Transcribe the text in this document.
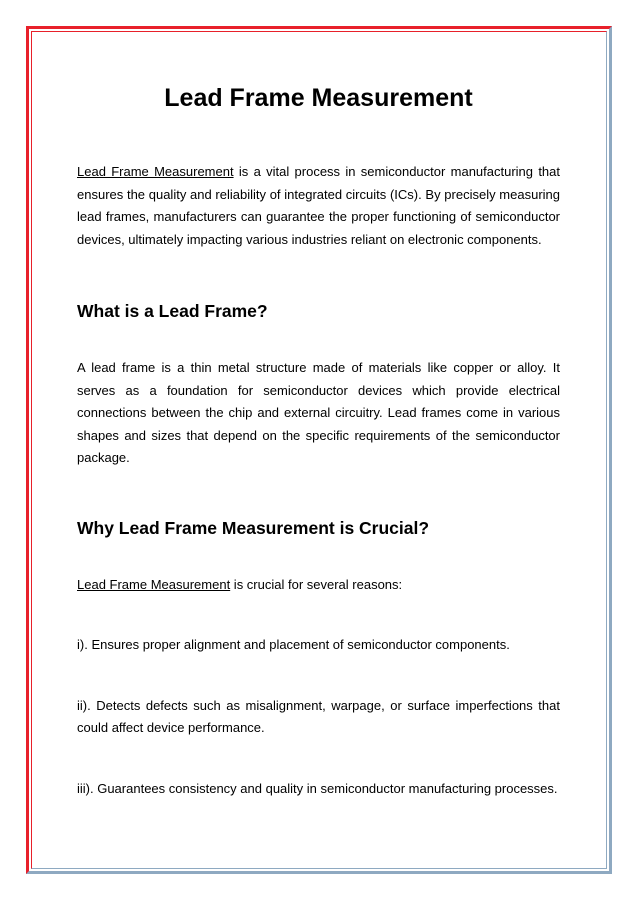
Lead Frame Measurement

Lead Frame Measurement is a vital process in semiconductor manufacturing that ensures the quality and reliability of integrated circuits (ICs). By precisely measuring lead frames, manufacturers can guarantee the proper functioning of semiconductor devices, ultimately impacting various industries reliant on electronic components.

What is a Lead Frame?

A lead frame is a thin metal structure made of materials like copper or alloy. It serves as a foundation for semiconductor devices which provide electrical connections between the chip and external circuitry. Lead frames come in various shapes and sizes that depend on the specific requirements of the semiconductor package.

Why Lead Frame Measurement is Crucial?

Lead Frame Measurement is crucial for several reasons:

i). Ensures proper alignment and placement of semiconductor components.

ii). Detects defects such as misalignment, warpage, or surface imperfections that could affect device performance.

iii). Guarantees consistency and quality in semiconductor manufacturing processes.
